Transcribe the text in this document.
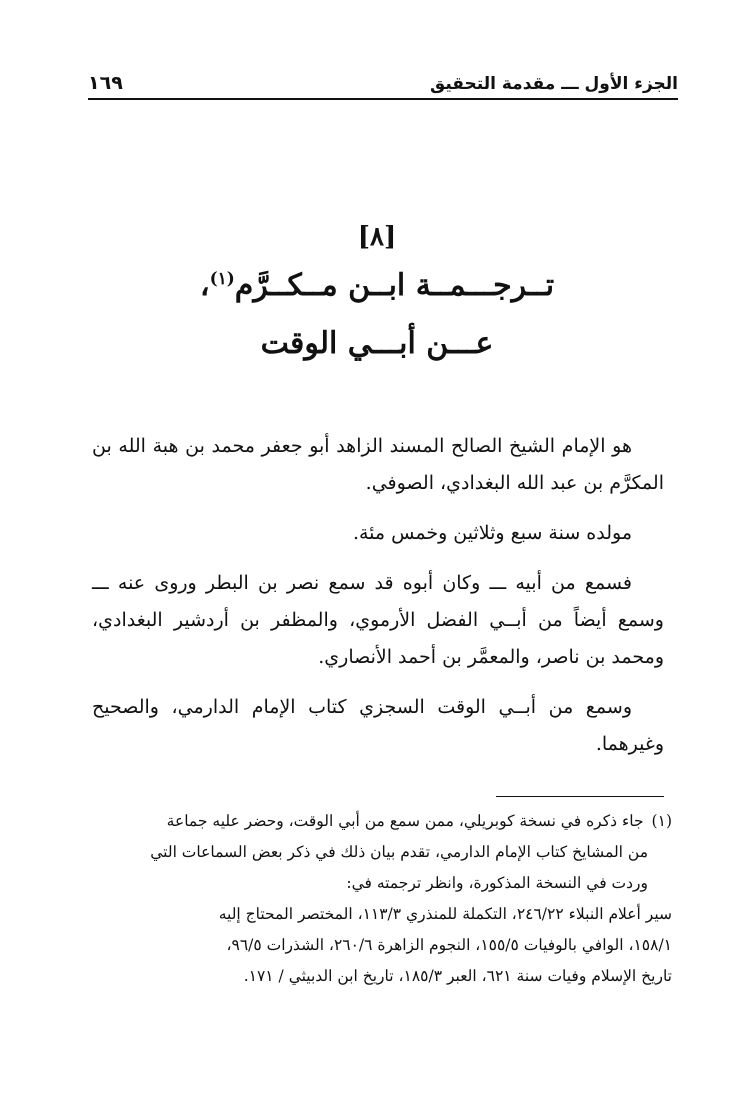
الجزء الأول ـــ مقدمة التحقيق
١٦٩
[٨]
تــرجـــمــة ابــن مــكــرَّم$^{(١)}$،
عـــن أبـــي الوقت

هو الإمام الشيخ الصالح المسند الزاهد أبو جعفر محمد بن هبة الله بن المكرَّم بن عبد الله البغدادي، الصوفي.

مولده سنة سبع وثلاثين وخمس مئة.

فسمع من أبيه ـــ وكان أبوه قد سمع نصر بن البطر وروى عنه ـــ وسمع أيضاً من أبــي الفضل الأرموي، والمظفر بن أردشير البغدادي، ومحمد بن ناصر، والمعمَّر بن أحمد الأنصاري.

وسمع من أبــي الوقت السجزي كتاب الإمام الدارمي، والصحيح وغيرهما.

(١)
جاء ذكره في نسخة كوبريلي، ممن سمع من أبي الوقت، وحضر عليه جماعة
من المشايخ كتاب الإمام الدارمي، تقدم بيان ذلك في ذكر بعض السماعات التي
وردت في النسخة المذكورة، وانظر ترجمته في:
سير أعلام النبلاء ٢٤٦/٢٢، التكملة للمنذري ١١٣/٣، المختصر المحتاج إليه
١٥٨/١، الوافي بالوفيات ١٥٥/٥، النجوم الزاهرة ٢٦٠/٦، الشذرات ٩٦/٥،
تاريخ الإسلام وفيات سنة ٦٢١، العبر ١٨٥/٣، تاريخ ابن الدبيثي / ١٧١.
